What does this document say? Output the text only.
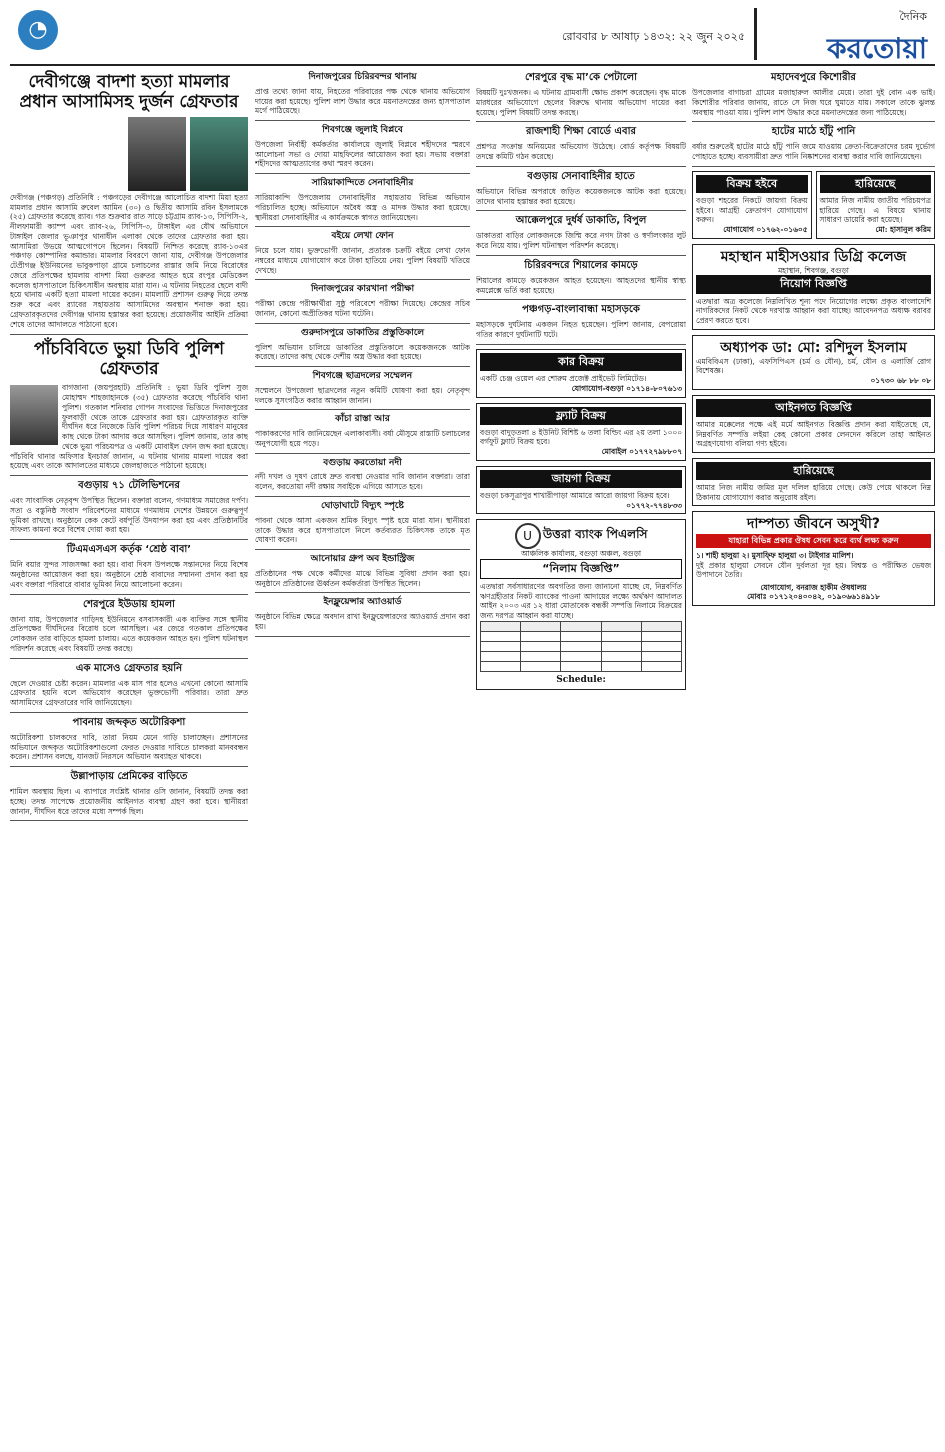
◔	রোববার ৮ আষাঢ় ১৪৩২: ২২ জুন ২০২৫
দৈনিক
করতোয়া
দেবীগঞ্জে বাদশা হত্যা মামলার প্রধান আসামিসহ দুর্জন গ্রেফতার

দেবীগঞ্জ (পঞ্চগড়) প্রতিনিধি : পঞ্চগড়ের দেবীগঞ্জে আলোচিত বাদশা মিয়া হত্যা মামলার প্রধান আসামি রুবেল আমিন (৩০) ও দ্বিতীয় আসামি রবিন ইসলামকে (২৫) গ্রেফতার করেছে র‌্যাব। গত শুক্রবার রাত সাড়ে চট্টগ্রাম র‌্যাব-১৩, সিপিসি-২, নীলফামারী ক্যাম্প এবং র‌্যাব-২৬, সিপিসি-৩, টাঙ্গাইল এর যৌথ অভিযানে টাঙ্গাইল জেলার ভূঞাপুর থানাধীন এলাকা থেকে তাদের গ্রেফতার করা হয়। আসামিরা উভয়ে আত্মগোপনে ছিলেন। বিষয়টি নিশ্চিত করেছে র‌্যাব-১৩এর পঞ্চগড় কোম্পানির কমান্ডার। মামলার বিবরণে জানা যায়, দেবীগঞ্জ উপজেলার টেপ্রীগঞ্জ ইউনিয়নের ভাবুকপাড়া গ্রামে চলাচলের রাস্তার জমি নিয়ে বিরোধের জেরে প্রতিপক্ষের হামলায় বাদশা মিয়া গুরুতর আহত হয়ে রংপুর মেডিকেল কলেজ হাসপাতালে চিকিৎসাধীন অবস্থায় মারা যান। এ ঘটনায় নিহতের ছেলে বাদী হয়ে থানায় একটি হত্যা মামলা দায়ের করেন। মামলাটি প্রশাসন গুরুত্ব দিয়ে তদন্ত শুরু করে এবং র‌্যাবের সহায়তায় আসামিদের অবস্থান শনাক্ত করা হয়। গ্রেফতারকৃতদের দেবীগঞ্জ থানায় হস্তান্তর করা হয়েছে। প্রয়োজনীয় আইনি প্রক্রিয়া শেষে তাদের আদালতে পাঠানো হবে।

পাঁচবিবিতে ভুয়া ডিবি পুলিশ গ্রেফতার

বাগজানা (জয়পুরহাট) প্রতিনিধি : ভুয়া ডিবি পুলিশ সুজ মোহাম্মদ শাহজাহানকে (৩৫) গ্রেফতার করেছে পাঁচবিবি থানা পুলিশ। গতকাল শনিবার গোপন সংবাদের ভিত্তিতে দিনাজপুরের ফুলবাড়ী থেকে তাকে গ্রেফতার করা হয়। গ্রেফতারকৃত ব্যক্তি দীর্ঘদিন ধরে নিজেকে ডিবি পুলিশ পরিচয় দিয়ে সাধারণ মানুষের কাছ থেকে টাকা আদায় করে আসছিল। পুলিশ জানায়, তার কাছ থেকে ভুয়া পরিচয়পত্র ও একটি মোবাইল ফোন জব্দ করা হয়েছে। পাঁচবিবি থানার অফিসার ইনচার্জ জানান, এ ঘটনায় থানায় মামলা দায়ের করা হয়েছে এবং তাকে আদালতের মাধ্যমে জেলহাজতে পাঠানো হয়েছে।

বগুড়ায় ৭১ টেলিভিশনের

এবং সাংবাদিক নেতৃবৃন্দ উপস্থিত ছিলেন। বক্তারা বলেন, গণমাধ্যম সমাজের দর্পণ। সত্য ও বস্তুনিষ্ঠ সংবাদ পরিবেশনের মাধ্যমে গণমাধ্যম দেশের উন্নয়নে গুরুত্বপূর্ণ ভূমিকা রাখছে। অনুষ্ঠানে কেক কেটে বর্ষপূর্তি উদযাপন করা হয় এবং প্রতিষ্ঠানটির সাফল্য কামনা করে বিশেষ দোয়া করা হয়।

টিএমএসএস কর্তৃক ‘শ্রেষ্ঠ বাবা’

মিনি বয়ার সুন্দর সাজসজ্জা করা হয়। বাবা দিবস উপলক্ষে সন্তানদের নিয়ে বিশেষ অনুষ্ঠানের আয়োজন করা হয়। অনুষ্ঠানে শ্রেষ্ঠ বাবাদের সম্মাননা প্রদান করা হয় এবং বক্তারা পরিবারে বাবার ভূমিকা নিয়ে আলোচনা করেন।

শেরপুরে ইউডায় হামলা

জানা যায়, উপজেলার গাড়িদহ ইউনিয়নে বসবাসকারী এক ব্যক্তির সঙ্গে স্থানীয় প্রতিপক্ষের দীর্ঘদিনের বিরোধ চলে আসছিল। এর জেরে গতকাল প্রতিপক্ষের লোকজন তার বাড়িতে হামলা চালায়। এতে কয়েকজন আহত হন। পুলিশ ঘটনাস্থল পরিদর্শন করেছে এবং বিষয়টি তদন্ত করছে।

এক মাসেও গ্রেফতার হয়নি

ছেলে দেওয়ার চেষ্টা করেন। মামলার এক মাস পার হলেও এখনো কোনো আসামি গ্রেফতার হয়নি বলে অভিযোগ করেছেন ভুক্তভোগী পরিবার। তারা দ্রুত আসামিদের গ্রেফতারের দাবি জানিয়েছেন।

পাবনায় জব্দকৃত অটোরিকশা

অটোরিকশা চালকদের দাবি, তারা নিয়ম মেনে গাড়ি চালাচ্ছেন। প্রশাসনের অভিযানে জব্দকৃত অটোরিকশাগুলো ফেরত দেওয়ার দাবিতে চালকরা মানববন্ধন করেন। প্রশাসন বলছে, যানজট নিরসনে অভিযান অব্যাহত থাকবে।

উল্লাপাড়ায় প্রেমিকের বাড়িতে

শামিল অবস্থায় ছিল। এ ব্যাপারে সংশ্লিষ্ট থানার ওসি জানান, বিষয়টি তদন্ত করা হচ্ছে। তদন্ত সাপেক্ষে প্রয়োজনীয় আইনগত ব্যবস্থা গ্রহণ করা হবে। স্থানীয়রা জানান, দীর্ঘদিন ধরে তাদের মধ্যে সম্পর্ক ছিল।

দিনাজপুরের চিরিরবন্দর থানায়

প্রাপ্ত তথ্যে জানা যায়, নিহতের পরিবারের পক্ষ থেকে থানায় অভিযোগ দায়ের করা হয়েছে। পুলিশ লাশ উদ্ধার করে ময়নাতদন্তের জন্য হাসপাতাল মর্গে পাঠিয়েছে।

শিবগঞ্জে জুলাই বিপ্লবে

উপজেলা নির্বাহী কর্মকর্তার কার্যালয়ে জুলাই বিপ্লবে শহীদদের স্মরণে আলোচনা সভা ও দোয়া মাহফিলের আয়োজন করা হয়। সভায় বক্তারা শহীদদের আত্মত্যাগের কথা স্মরণ করেন।

সারিয়াকান্দিতে সেনাবাহিনীর

সারিয়াকান্দি উপজেলায় সেনাবাহিনীর সহায়তায় বিভিন্ন অভিযান পরিচালিত হচ্ছে। অভিযানে অবৈধ অস্ত্র ও মাদক উদ্ধার করা হয়েছে। স্থানীয়রা সেনাবাহিনীর এ কার্যক্রমকে স্বাগত জানিয়েছেন।

বইয়ে লেখা ফোন

নিয়ে চলে যায়। ভুক্তভোগী জানান, প্রতারক চক্রটি বইয়ে লেখা ফোন নম্বরের মাধ্যমে যোগাযোগ করে টাকা হাতিয়ে নেয়। পুলিশ বিষয়টি খতিয়ে দেখছে।

দিনাজপুরের কারখানা পরীক্ষা

পরীক্ষা কেন্দ্রে পরীক্ষার্থীরা সুষ্ঠু পরিবেশে পরীক্ষা দিয়েছে। কেন্দ্রের সচিব জানান, কোনো অপ্রীতিকর ঘটনা ঘটেনি।

গুরুদাসপুরে ডাকাতির প্রস্তুতিকালে

পুলিশ অভিযান চালিয়ে ডাকাতির প্রস্তুতিকালে কয়েকজনকে আটক করেছে। তাদের কাছ থেকে দেশীয় অস্ত্র উদ্ধার করা হয়েছে।

শিবগঞ্জে ছাত্রদলের সম্মেলন

সম্মেলনে উপজেলা ছাত্রদলের নতুন কমিটি ঘোষণা করা হয়। নেতৃবৃন্দ দলকে সুসংগঠিত করার আহ্বান জানান।

কাঁচা রাস্তা আর

পাকাকরণের দাবি জানিয়েছেন এলাকাবাসী। বর্ষা মৌসুমে রাস্তাটি চলাচলের অনুপযোগী হয়ে পড়ে।

বগুড়ায় করতোয়া নদী

নদী দখল ও দূষণ রোধে দ্রুত ব্যবস্থা নেওয়ার দাবি জানান বক্তারা। তারা বলেন, করতোয়া নদী রক্ষায় সবাইকে এগিয়ে আসতে হবে।

ঘোড়াঘাটে বিদ্যুৎ স্পৃষ্টে

পাবনা থেকে আসা একজন শ্রমিক বিদ্যুৎ স্পৃষ্ট হয়ে মারা যান। স্থানীয়রা তাকে উদ্ধার করে হাসপাতালে নিলে কর্তব্যরত চিকিৎসক তাকে মৃত ঘোষণা করেন।

আনোয়ার গ্রুপ অব ইন্ডাস্ট্রিজ

প্রতিষ্ঠানের পক্ষ থেকে কর্মীদের মাঝে বিভিন্ন সুবিধা প্রদান করা হয়। অনুষ্ঠানে প্রতিষ্ঠানের ঊর্ধ্বতন কর্মকর্তারা উপস্থিত ছিলেন।

ইনফ্লুয়েন্সার অ্যাওয়ার্ড

অনুষ্ঠানে বিভিন্ন ক্ষেত্রে অবদান রাখা ইনফ্লুয়েন্সারদের অ্যাওয়ার্ড প্রদান করা হয়।

শেরপুরে বৃদ্ধ মা’কে পেটালো

বিষয়টি দুঃখজনক। এ ঘটনায় গ্রামবাসী ক্ষোভ প্রকাশ করেছেন। বৃদ্ধ মাকে মারধরের অভিযোগে ছেলের বিরুদ্ধে থানায় অভিযোগ দায়ের করা হয়েছে। পুলিশ বিষয়টি তদন্ত করছে।

রাজশাহী শিক্ষা বোর্ডে এবার

প্রশ্নপত্র সংক্রান্ত অনিয়মের অভিযোগ উঠেছে। বোর্ড কর্তৃপক্ষ বিষয়টি তদন্তে কমিটি গঠন করেছে।

বগুড়ায় সেনাবাহিনীর হাতে

অভিযানে বিভিন্ন অপরাধে জড়িত কয়েকজনকে আটক করা হয়েছে। তাদের থানায় হস্তান্তর করা হয়েছে।

আক্কেলপুরে দুর্ধর্ষ ডাকাতি, বিপুল

ডাকাতরা বাড়ির লোকজনকে জিম্মি করে নগদ টাকা ও স্বর্ণালংকার লুট করে নিয়ে যায়। পুলিশ ঘটনাস্থল পরিদর্শন করেছে।

চিরিরবন্দরে শিয়ালের কামড়ে

শিয়ালের কামড়ে কয়েকজন আহত হয়েছেন। আহতদের স্থানীয় স্বাস্থ্য কমপ্লেক্সে ভর্তি করা হয়েছে।

পঞ্চগড়-বাংলাবান্ধা মহাসড়কে

মহাসড়কে দুর্ঘটনায় একজন নিহত হয়েছেন। পুলিশ জানায়, বেপরোয়া গতির কারণে দুর্ঘটনাটি ঘটে।

কার বিক্রয়
একটি চেঞ্জ ওয়েল এর শোরুম প্রজেক্ট প্রাইভেট লিমিটেড।
যোগাযোগ-বগুড়া ০১৭১৪-৮০৭৬১৩
ফ্ল্যাট বিক্রয়
বগুড়া বাদুড়তলা ৪ ইউনিট বিশিষ্ট ৬ তলা বিল্ডিং এর ২য় তলা ১০০০ বর্গফুট ফ্ল্যাট বিক্রয় হবে।
মোবাইল ০১৭৭২৭৯৮৮০৭
জায়গা বিক্রয়
বগুড়া চকসূত্রাপুর শাখারীপাড়া আমারে আরো জায়গা বিক্রয় হবে।
০১৭৭২-৭৭৪৮৩৩
U উত্তরা ব্যাংক পিএলসি
আঞ্চলিক কার্যালয়, বগুড়া অঞ্চল, বগুড়া
“নিলাম বিজ্ঞপ্তি”
এতদ্বারা সর্বসাধারণের অবগতির জন্য জানানো যাচ্ছে যে, নিম্নবর্ণিত ঋণগ্রহীতার নিকট ব্যাংকের পাওনা আদায়ের লক্ষ্যে অর্থঋণ আদালত আইন ২০০৩ এর ১২ ধারা মোতাবেক বন্ধকী সম্পত্তি নিলামে বিক্রয়ের জন্য দরপত্র আহ্বান করা যাচ্ছে।

Schedule:
মহাদেবপুরে কিশোরীর

উপজেলার বাগাচরা গ্রামের মজাহারুল আলীর মেয়ে। তারা দুই বোন এক ভাই। কিশোরীর পরিবার জানায়, রাতে সে নিজ ঘরে ঘুমাতে যায়। সকালে তাকে ঝুলন্ত অবস্থায় পাওয়া যায়। পুলিশ লাশ উদ্ধার করে ময়নাতদন্তের জন্য পাঠিয়েছে।

হাটের মাঠে হাঁটু পানি

বর্ষার শুরুতেই হাটের মাঠে হাঁটু পানি জমে যাওয়ায় ক্রেতা-বিক্রেতাদের চরম দুর্ভোগ পোহাতে হচ্ছে। ব্যবসায়ীরা দ্রুত পানি নিষ্কাশনের ব্যবস্থা করার দাবি জানিয়েছেন।

বিক্রয় হইবে
বগুড়া শহরের নিকটে জায়গা বিক্রয় হইবে। আগ্রহী ক্রেতাগণ যোগাযোগ করুন।
যোগাযোগ ০১৭৬২-০১৬০৫
হারিয়েছে
আমার নিজ নামীয় জাতীয় পরিচয়পত্র হারিয়ে গেছে। এ বিষয়ে থানায় সাধারণ ডায়েরি করা হয়েছে।
মো: হাসানুল করিম
মহাস্থান মাহীসওয়ার ডিগ্রি কলেজ
মহাস্থান, শিবগঞ্জ, বগুড়া
নিয়োগ বিজ্ঞপ্তি
এতদ্বারা অত্র কলেজে নিম্নলিখিত শূন্য পদে নিয়োগের লক্ষ্যে প্রকৃত বাংলাদেশি নাগরিকদের নিকট থেকে দরখাস্ত আহ্বান করা যাচ্ছে। আবেদনপত্র অধ্যক্ষ বরাবর প্রেরণ করতে হবে।
অধ্যাপক ডা: মো: রশিদুল ইসলাম
এমবিবিএস (ঢাকা), এফসিপিএস (চর্ম ও যৌন), চর্ম, যৌন ও এলার্জি রোগ বিশেষজ্ঞ।
০১৭৩০ ৬৮ ৮৮ ০৮
আইনগত বিজ্ঞপ্তি
আমার মক্কেলের পক্ষে এই মর্মে আইনগত বিজ্ঞপ্তি প্রদান করা যাইতেছে যে, নিম্নবর্ণিত সম্পত্তি লইয়া কেহ কোনো প্রকার লেনদেন করিলে তাহা আইনত অগ্রহণযোগ্য বলিয়া গণ্য হইবে।
হারিয়েছে
আমার নিজ নামীয় জমির মূল দলিল হারিয়ে গেছে। কেউ পেয়ে থাকলে নিম্ন ঠিকানায় যোগাযোগ করার অনুরোধ রইল।
দাম্পত্য জীবনে অসুখী?
যাহারা বিভিন্ন প্রকার ঔষধ সেবন করে ব্যর্থ লক্ষ্য করুন
১। শাহী হালুয়া ২। মুসাফ্ফি হালুয়া ৩। টাইগার মালিশ।
দুই প্রকার হালুয়া সেবনে যৌন দুর্বলতা দূর হয়। বিশ্বস্ত ও পরীক্ষিত ভেষজ উপাদানে তৈরি।
যোগাযোগ, বনরাজ হাকীম ঔষধালয়
মোবাঃ ০১৭১২০৪০০৪২, ০১৯০৬৬১৪৯১৮
